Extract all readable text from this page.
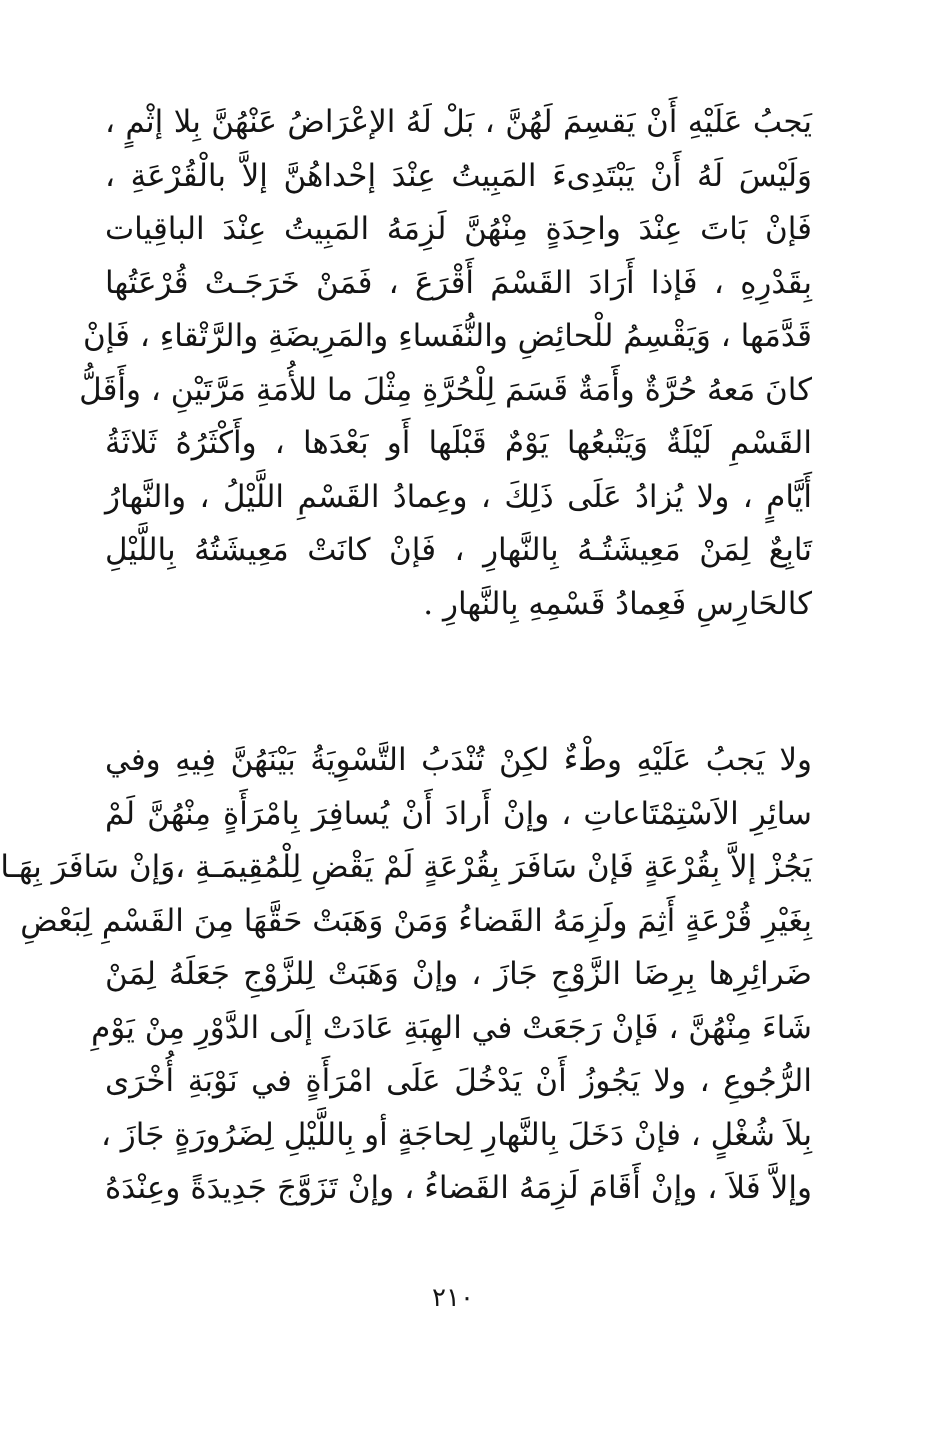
يَجبُ عَلَيْهِ أَنْ يَقسِمَ لَهُنَّ ، بَلْ لَهُ الإعْرَاضُ عَنْهُنَّ بِلا إثْمٍ ،
وَلَيْسَ لَهُ أَنْ يَبْتَدِىءَ المَبِيتُ عِنْدَ إحْداهُنَّ إلاَّ بالْقُرْعَةِ ،
فَإنْ بَاتَ عِنْدَ واحِدَةٍ مِنْهُنَّ لَزِمَهُ المَبِيتُ عِنْدَ الباقِيات
بِقَدْرِهِ ، فَإذا أَرَادَ القَسْمَ أَقْرَعَ ، فَمَنْ خَرَجَـتْ قُرْعَتُها
قَدَّمَها ، وَيَقْسِمُ للْحائِضِ والنُّفَساءِ والمَرِيضَةِ والرَّتْقاءِ ، فَإنْ
كانَ مَعهُ حُرَّةٌ وأَمَةٌ قَسَمَ لِلْحُرَّةِ مِثْلَ ما للأُمَةِ مَرَّتَيْنِ ، وأَقَلُّ
القَسْمِ لَيْلَةٌ وَيَتْبعُها يَوْمٌ قَبْلَها أَو بَعْدَها ، وأَكْثَرُهُ ثَلاثَةُ
أَيَّامٍ ، ولا يُزادُ عَلَى ذَلِكَ ، وعِمادُ القَسْمِ اللَّيْلُ ، والنَّهارُ
تَابِعٌ لِمَنْ مَعِيشَتُـهُ بِالنَّهارِ ، فَإنْ كانَتْ مَعِيشَتُهُ بِاللَّيْلِ
كالحَارِسِ فَعِمادُ قَسْمِهِ بِالنَّهارِ .
ولا يَجبُ عَلَيْهِ وطْءٌ لكِنْ تُنْدَبُ التَّسْوِيَةُ بَيْنَهُنَّ فِيهِ وفي
سائِرِ الاَسْتِمْتَاعاتِ ، وإنْ أَرادَ أَنْ يُسافِرَ بِامْرَأَةٍ مِنْهُنَّ لَمْ
يَجُزْ إلاَّ بِقُرْعَةٍ فَإنْ سَافَرَ بِقُرْعَةٍ لَمْ يَقْضِ لِلْمُقِيمَـةِ ،وَإنْ سَافَرَ بِهَـا
بِغَيْرِ قُرْعَةٍ أَثِمَ ولَزِمَهُ القَضاءُ وَمَنْ وَهَبَتْ حَقَّهَا مِنَ القَسْمِ لِبَعْضِ
ضَرائِرِها بِرِضَا الزَّوْجِ جَازَ ، وإنْ وَهَبَتْ لِلزَّوْجِ جَعَلَهُ لِمَنْ
شَاءَ مِنْهُنَّ ، فَإنْ رَجَعَتْ في الهِبَةِ عَادَتْ إلَى الدَّوْرِ مِنْ يَوْمِ
الرُّجُوعِ ، ولا يَجُوزُ أَنْ يَدْخُلَ عَلَى امْرَأَةٍ في نَوْبَةِ أُخْرَى
بِلاَ شُغْلٍ ، فإنْ دَخَلَ بِالنَّهارِ لِحاجَةٍ أو بِاللَّيْلِ لِضَرُورَةٍ جَازَ ،
وإلاَّ فَلاَ ، وإنْ أَقَامَ لَزِمَهُ القَضاءُ ، وإنْ تَزَوَّجَ جَدِيدَةً وعِنْدَهُ
٢١٠
